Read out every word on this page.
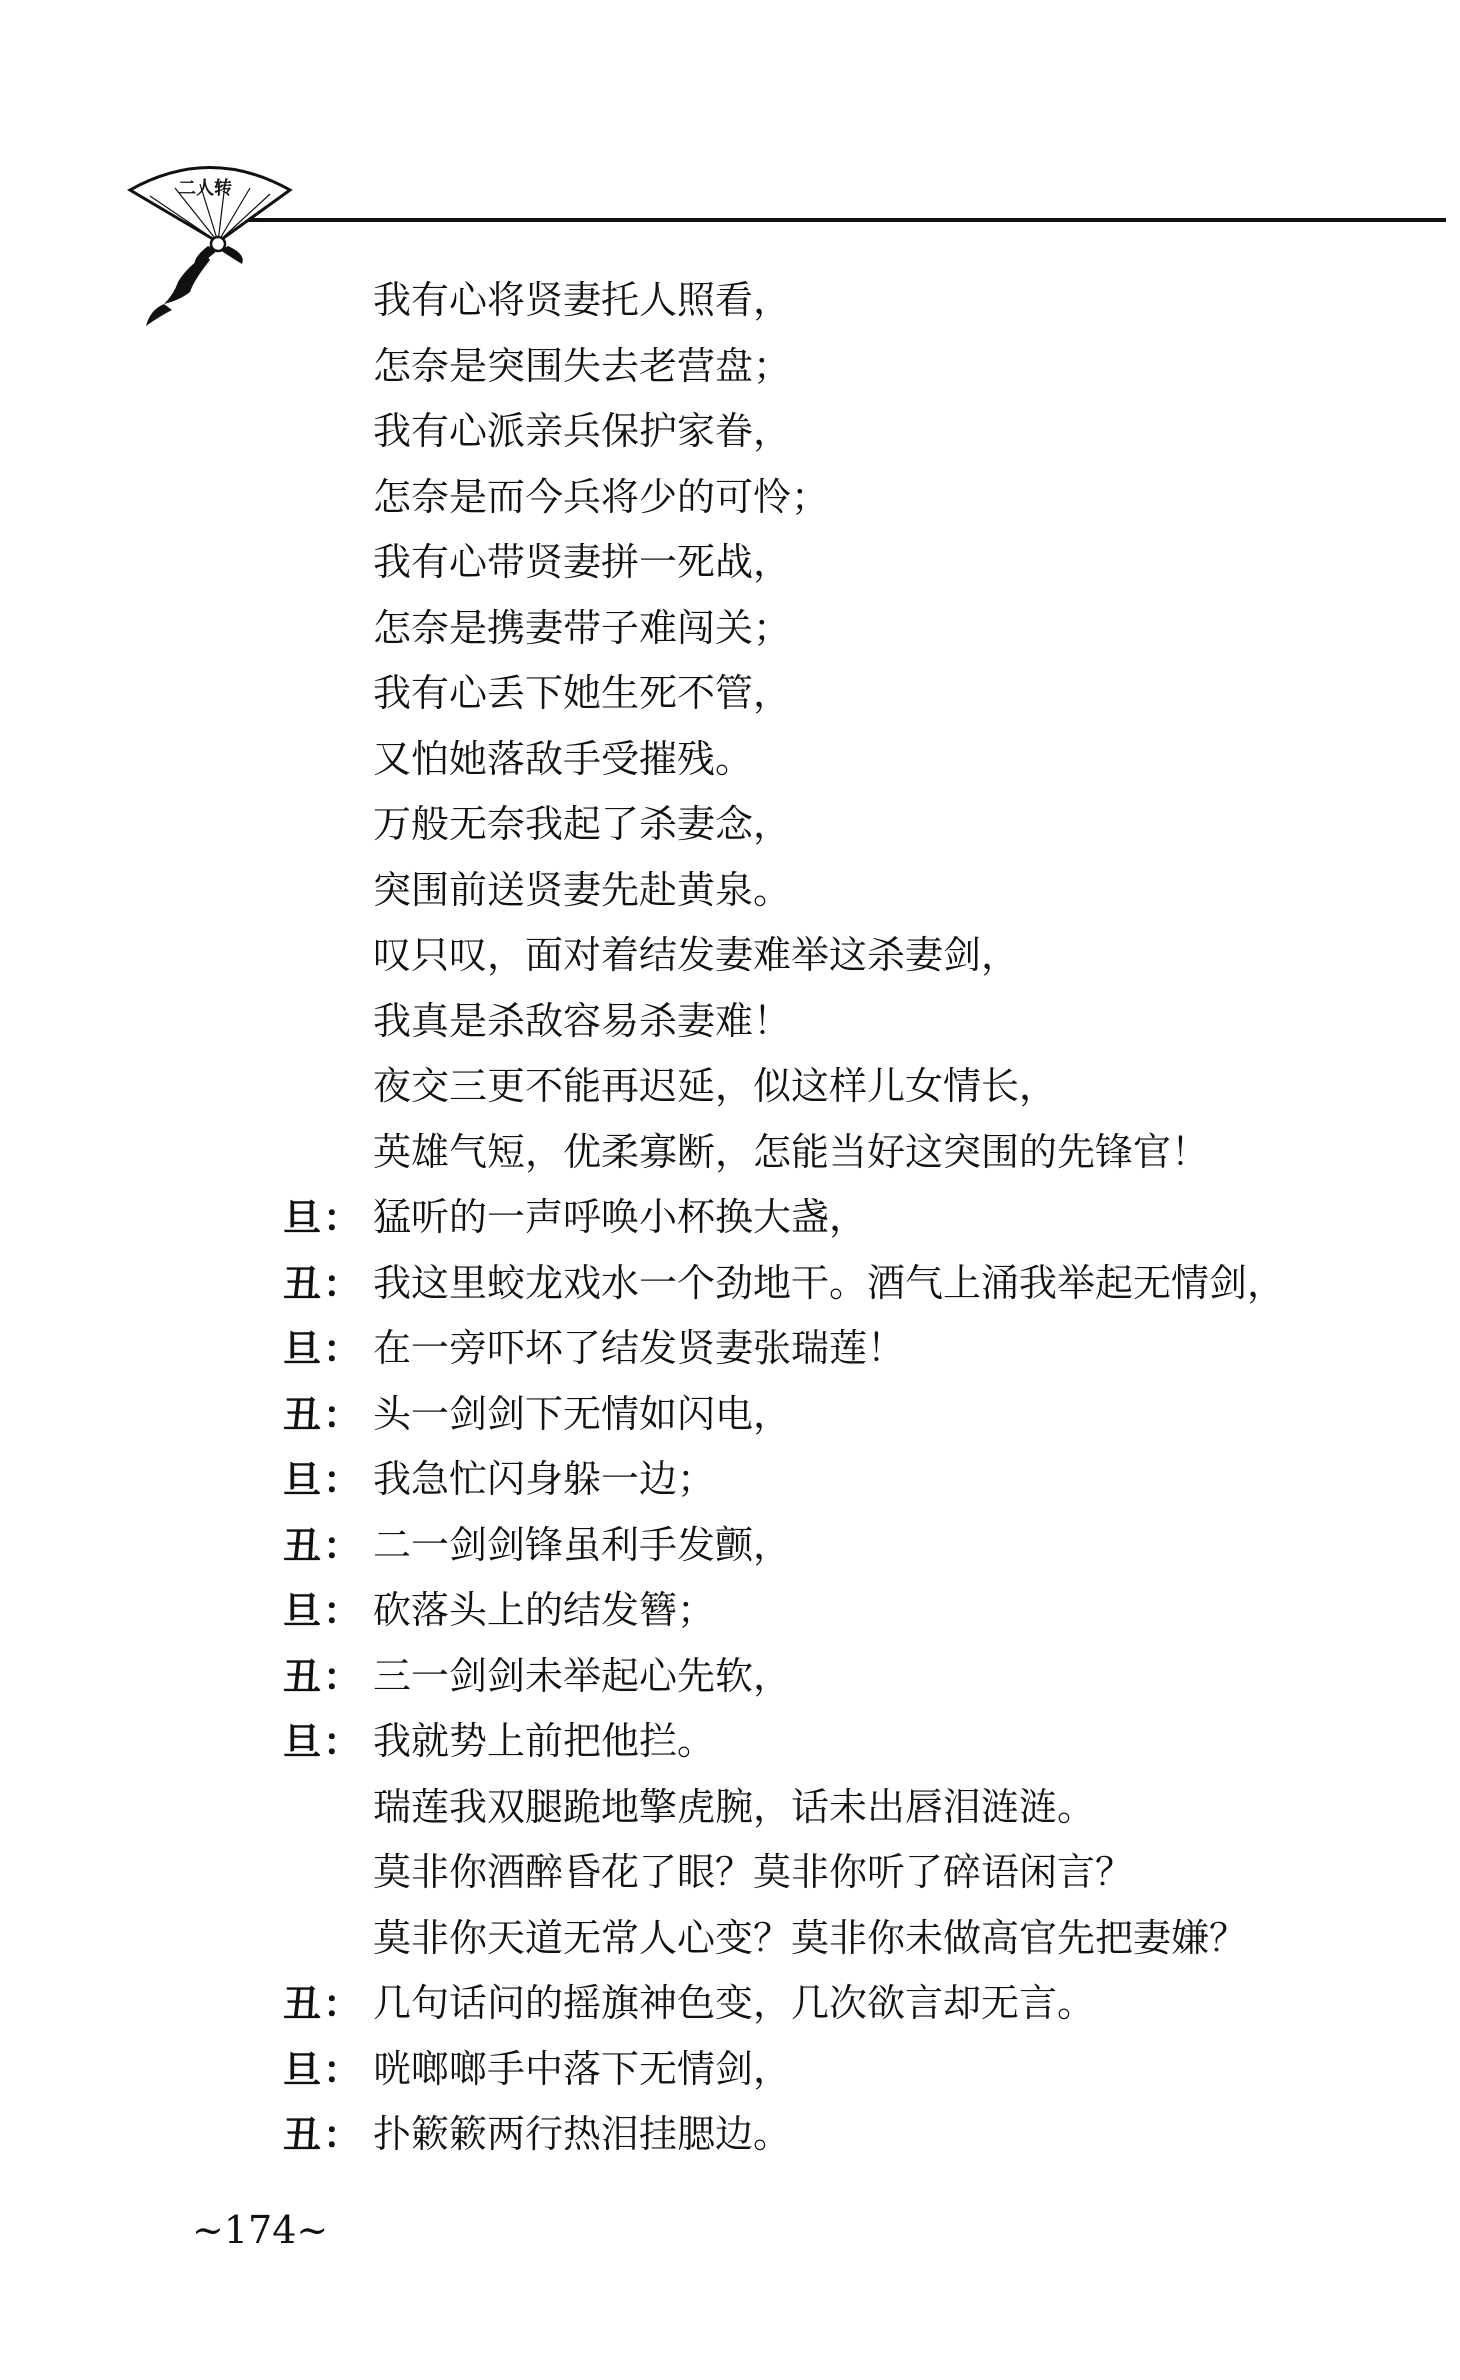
二人转
我有心将贤妻托人照看，
怎奈是突围失去老营盘；
我有心派亲兵保护家眷，
怎奈是而今兵将少的可怜；
我有心带贤妻拼一死战，
怎奈是携妻带子难闯关；
我有心丢下她生死不管，
又怕她落敌手受摧残。
万般无奈我起了杀妻念，
突围前送贤妻先赴黄泉。
叹只叹，面对着结发妻难举这杀妻剑，
我真是杀敌容易杀妻难！
夜交三更不能再迟延，似这样儿女情长，
英雄气短，优柔寡断，怎能当好这突围的先锋官！
旦： 猛听的一声呼唤小杯换大盏，
丑： 我这里蛟龙戏水一个劲地干。酒气上涌我举起无情剑，
旦： 在一旁吓坏了结发贤妻张瑞莲！
丑： 头一剑剑下无情如闪电，
旦： 我急忙闪身躲一边；
丑： 二一剑剑锋虽利手发颤，
旦： 砍落头上的结发簪；
丑： 三一剑剑未举起心先软，
旦： 我就势上前把他拦。
瑞莲我双腿跪地擎虎腕，话未出唇泪涟涟。
莫非你酒醉昏花了眼？莫非你听了碎语闲言？
莫非你天道无常人心变？莫非你未做高官先把妻嫌？
丑： 几句话问的摇旗神色变，几次欲言却无言。
旦： 咣啷啷手中落下无情剑，
丑： 扑簌簌两行热泪挂腮边。
~174~
